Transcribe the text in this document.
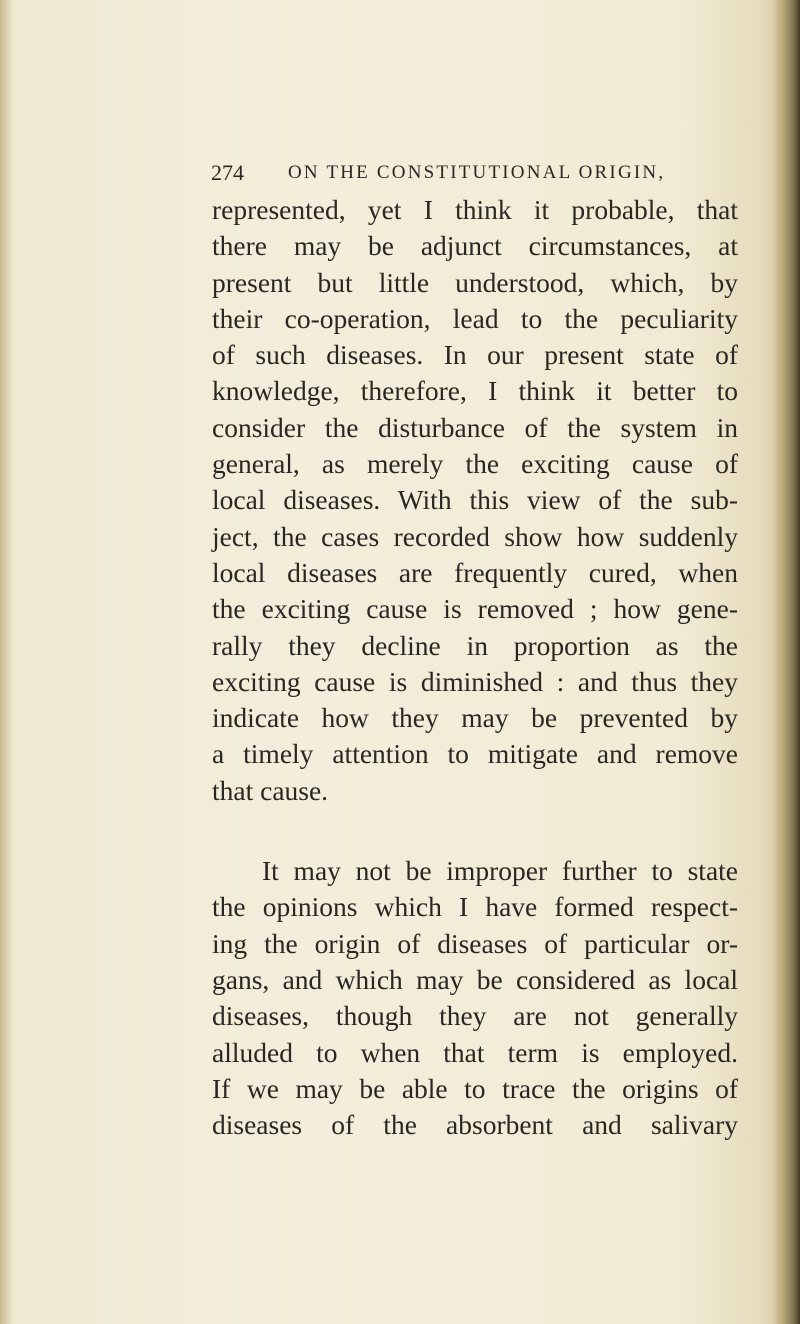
274 ON THE CONSTITUTIONAL ORIGIN,
represented, yet I think it probable, that
there may be adjunct circumstances, at
present but little understood, which, by
their co-operation, lead to the peculiarity
of such diseases. In our present state of
knowledge, therefore, I think it better to
consider the disturbance of the system in
general, as merely the exciting cause of
local diseases. With this view of the sub-
ject, the cases recorded show how suddenly
local diseases are frequently cured, when
the exciting cause is removed ; how gene-
rally they decline in proportion as the
exciting cause is diminished : and thus they
indicate how they may be prevented by
a timely attention to mitigate and remove
that cause.
It may not be improper further to state
the opinions which I have formed respect-
ing the origin of diseases of particular or-
gans, and which may be considered as local
diseases, though they are not generally
alluded to when that term is employed.
If we may be able to trace the origins of
diseases of the absorbent and salivary
